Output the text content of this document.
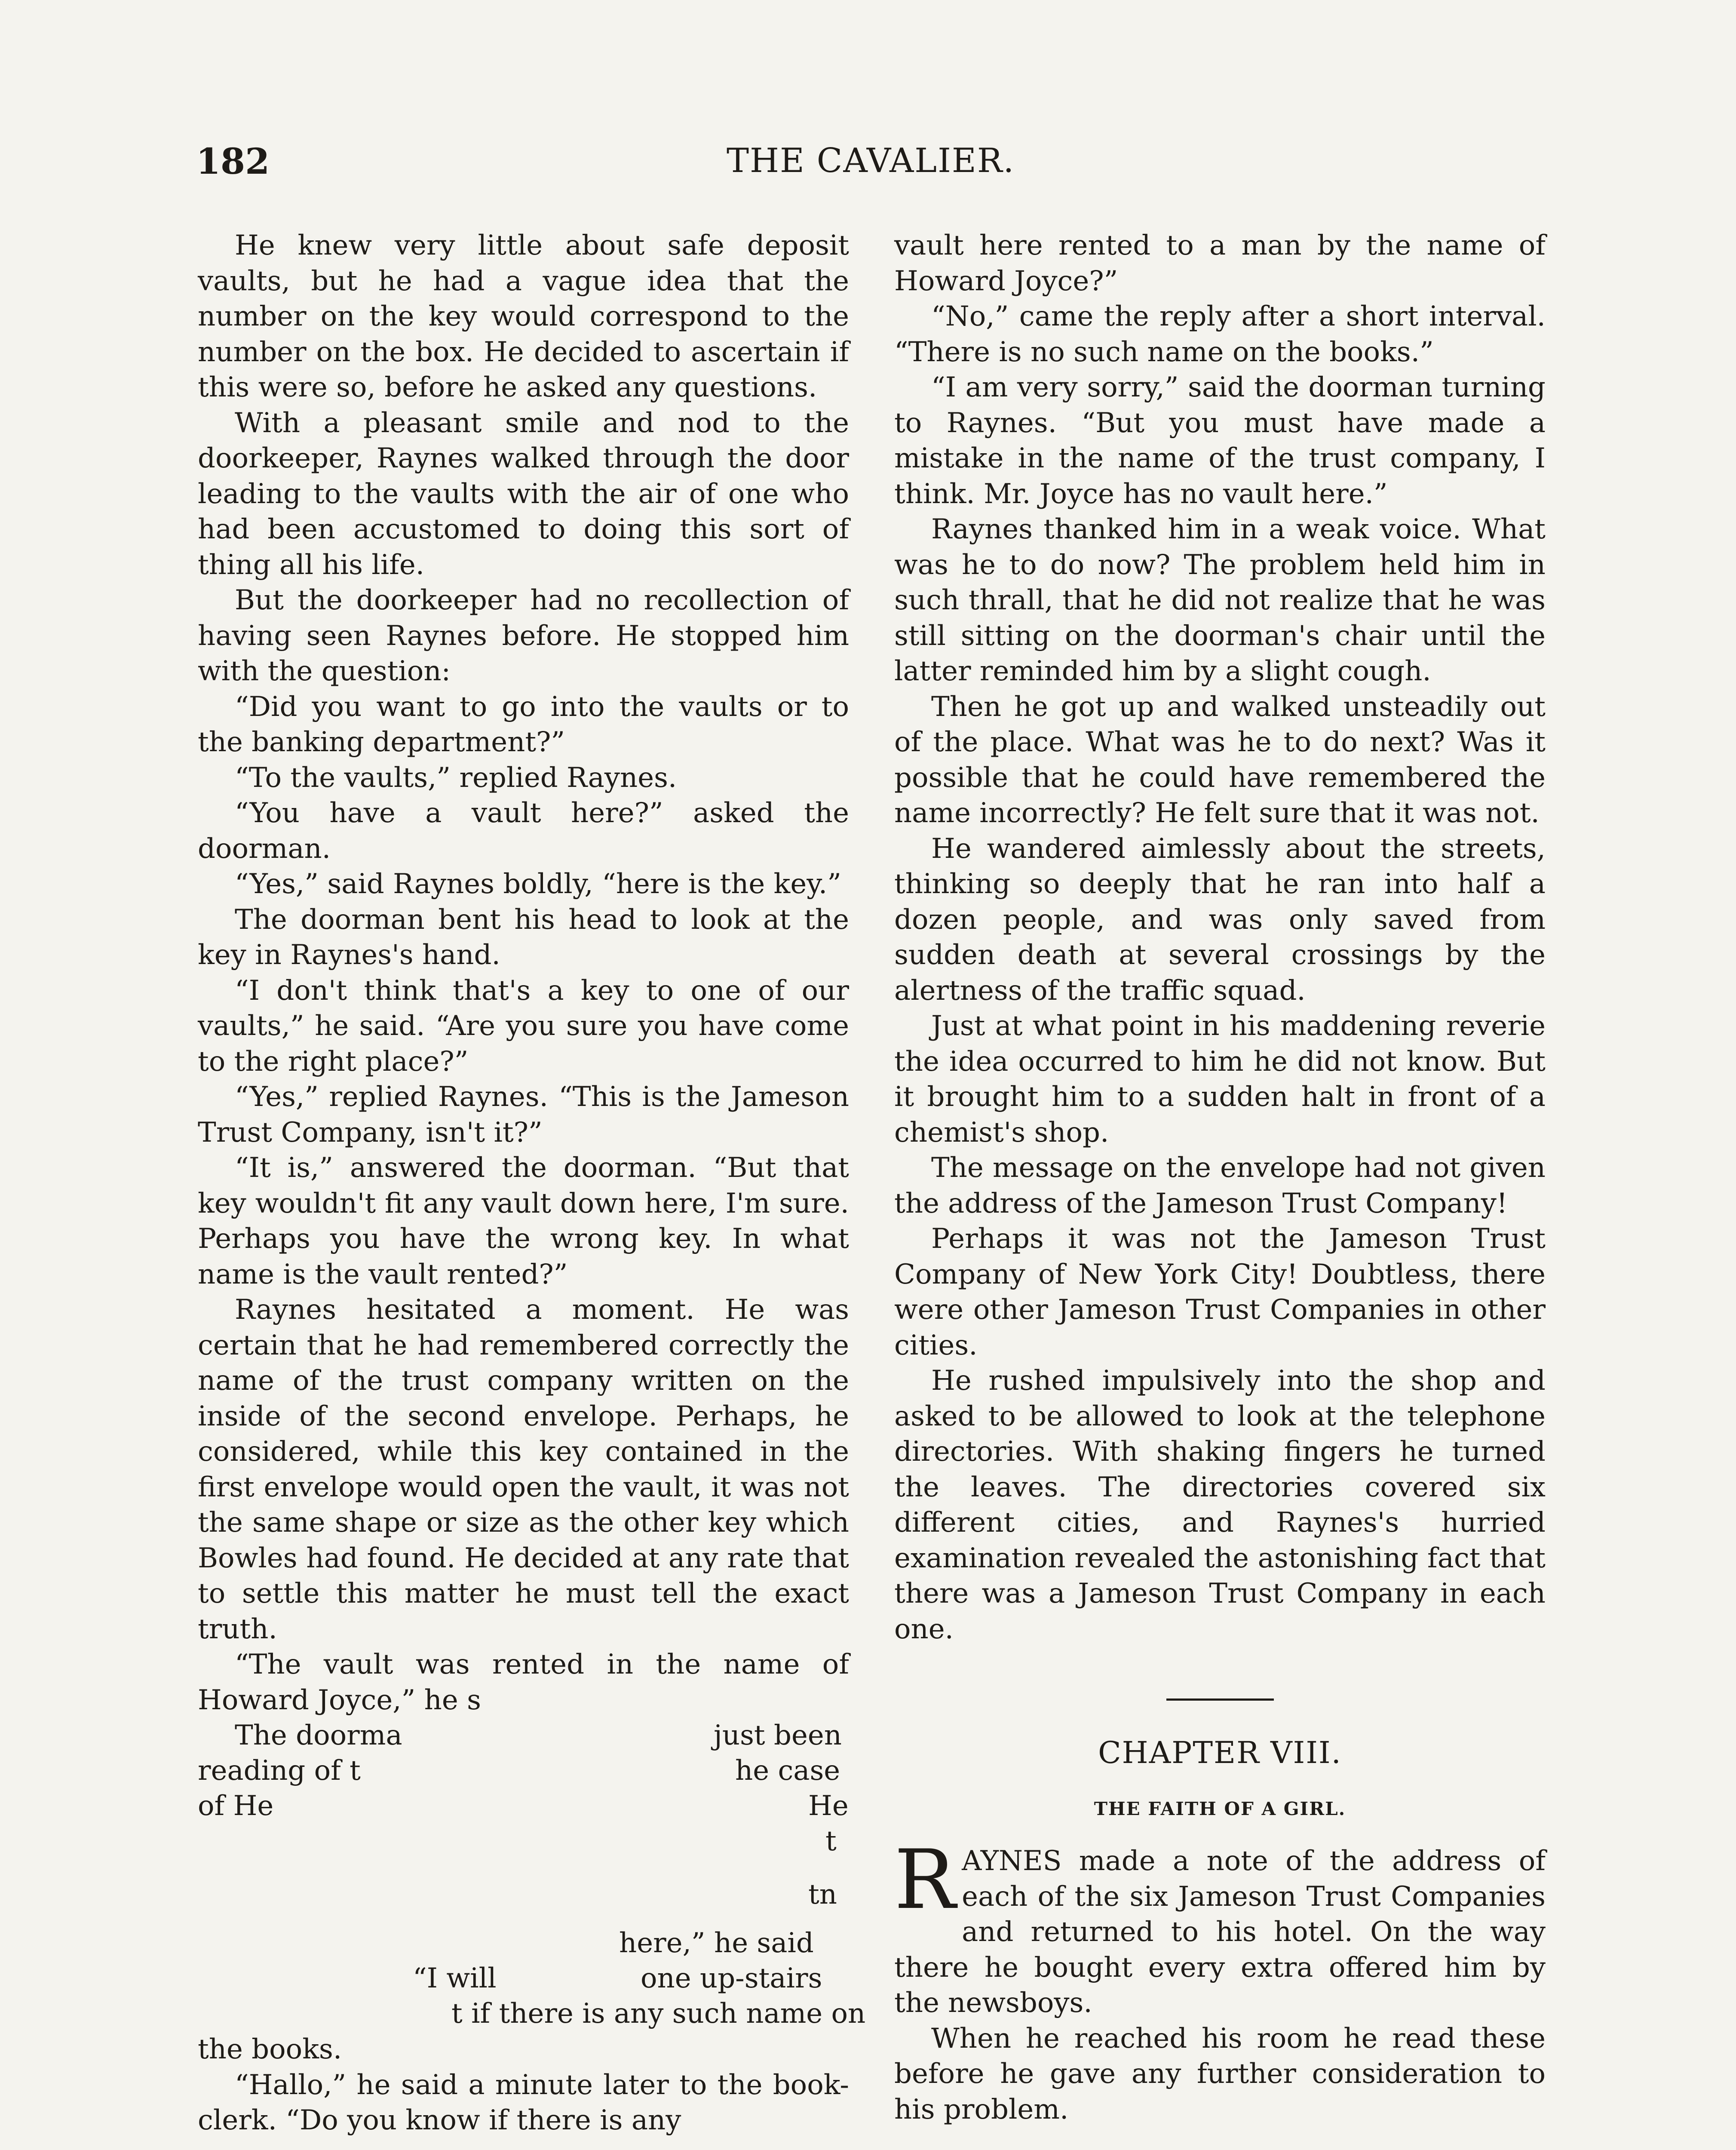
182	THE CAVALIER.

He knew very little about safe deposit vaults, but he had a vague idea that the number on the key would correspond to the number on the box. He decided to ascertain if this were so, before he asked any questions.

With a pleasant smile and nod to the doorkeeper, Raynes walked through the door leading to the vaults with the air of one who had been accustomed to doing this sort of thing all his life.

But the doorkeeper had no recollection of having seen Raynes before. He stopped him with the question:

“Did you want to go into the vaults or to the banking department?”

“To the vaults,” replied Raynes.

“You have a vault here?” asked the doorman.

“Yes,” said Raynes boldly, “here is the key.”

The doorman bent his head to look at the key in Raynes's hand.

“I don't think that's a key to one of our vaults,” he said. “Are you sure you have come to the right place?”

“Yes,” replied Raynes. “This is the Jameson Trust Company, isn't it?”

“It is,” answered the doorman. “But that key wouldn't fit any vault down here, I'm sure. Perhaps you have the wrong key. In what name is the vault rented?”

Raynes hesitated a moment. He was certain that he had remembered correctly the name of the trust company written on the inside of the second envelope. Perhaps, he considered, while this key contained in the first envelope would open the vault, it was not the same shape or size as the other key which Bowles had found. He decided at any rate that to settle this matter he must tell the exact truth.

“The vault was rented in the name of Howard Joyce,” he s

The doorma	just been
reading of t	he case
of He	He
t
tn
here,” he said
“I will	one up-stairs
t if there is any such name on

the books.

“Hallo,” he said a minute later to the book-clerk. “Do you know if there is any

vault here rented to a man by the name of Howard Joyce?”

“No,” came the reply after a short interval. “There is no such name on the books.”

“I am very sorry,” said the doorman turning to Raynes. “But you must have made a mistake in the name of the trust company, I think. Mr. Joyce has no vault here.”

Raynes thanked him in a weak voice. What was he to do now? The problem held him in such thrall, that he did not realize that he was still sitting on the doorman's chair until the latter reminded him by a slight cough.

Then he got up and walked unsteadily out of the place. What was he to do next? Was it possible that he could have remembered the name incorrectly? He felt sure that it was not.

He wandered aimlessly about the streets, thinking so deeply that he ran into half a dozen people, and was only saved from sudden death at several crossings by the alertness of the traffic squad.

Just at what point in his maddening reverie the idea occurred to him he did not know. But it brought him to a sudden halt in front of a chemist's shop.

The message on the envelope had not given the address of the Jameson Trust Company!

Perhaps it was not the Jameson Trust Company of New York City! Doubtless, there were other Jameson Trust Companies in other cities.

He rushed impulsively into the shop and asked to be allowed to look at the telephone directories. With shaking fingers he turned the leaves. The directories covered six different cities, and Raynes's hurried examination revealed the astonishing fact that there was a Jameson Trust Company in each one.

CHAPTER VIII.
THE FAITH OF A GIRL.

RAYNES made a note of the address of each of the six Jameson Trust Companies and returned to his hotel. On the way there he bought every extra offered him by the newsboys.

When he reached his room he read these before he gave any further consideration to his problem.
